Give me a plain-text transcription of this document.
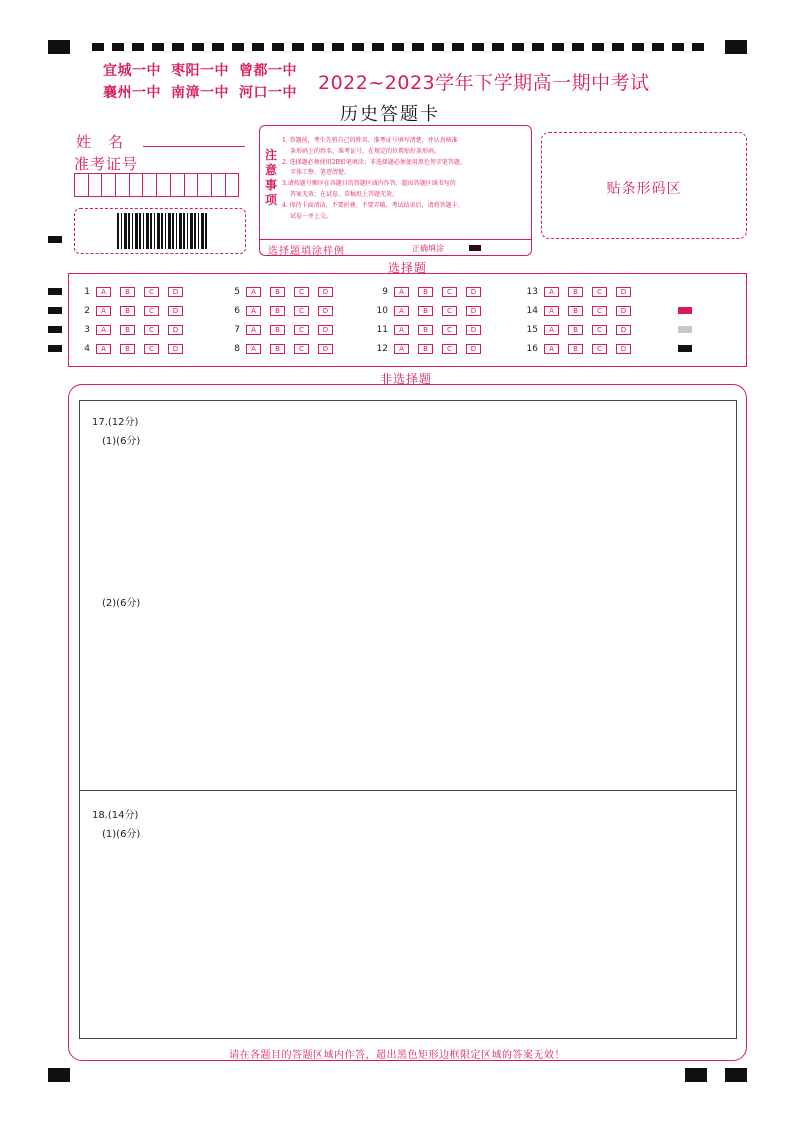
宜城一中 枣阳一中 曾都一中
襄州一中 南漳一中 河口一中	2022~2023学年下学期高一期中考试
历史答题卡
姓　名
准考证号	注意事项
1. 答题前，考生先将自己的姓名、准考证号填写清楚，并认真核准
条形码上的姓名、准考证号，在规定的位置贴好条形码。
2. 选择题必须使用2B铅笔填涂；非选择题必须使用黑色签字笔答题，
字体工整、笔迹清楚。
3.请按题号顺序在各题目的答题区域内作答，超出答题区域书写的
答案无效；在试卷、草稿纸上答题无效。
4. 保持卡面清洁，不要折叠、不要弄破，考试结束后，请将答题卡、
试卷一并上交。
选择题填涂样例	正确填涂
贴条形码区
选择题
1	A	B	C	D
2	A	B	C	D
3	A	B	C	D
4	A	B	C	D
5	A	B	C	D
6	A	B	C	D
7	A	B	C	D
8	A	B	C	D
9	A	B	C	D
10	A	B	C	D
11	A	B	C	D
12	A	B	C	D
13	A	B	C	D
14	A	B	C	D
15	A	B	C	D
16	A	B	C	D
非选择题
17.(12分)
(1)(6分)
(2)(6分)
18.(14分)
(1)(6分)
请在各题目的答题区域内作答，超出黑色矩形边框限定区域的答案无效！
